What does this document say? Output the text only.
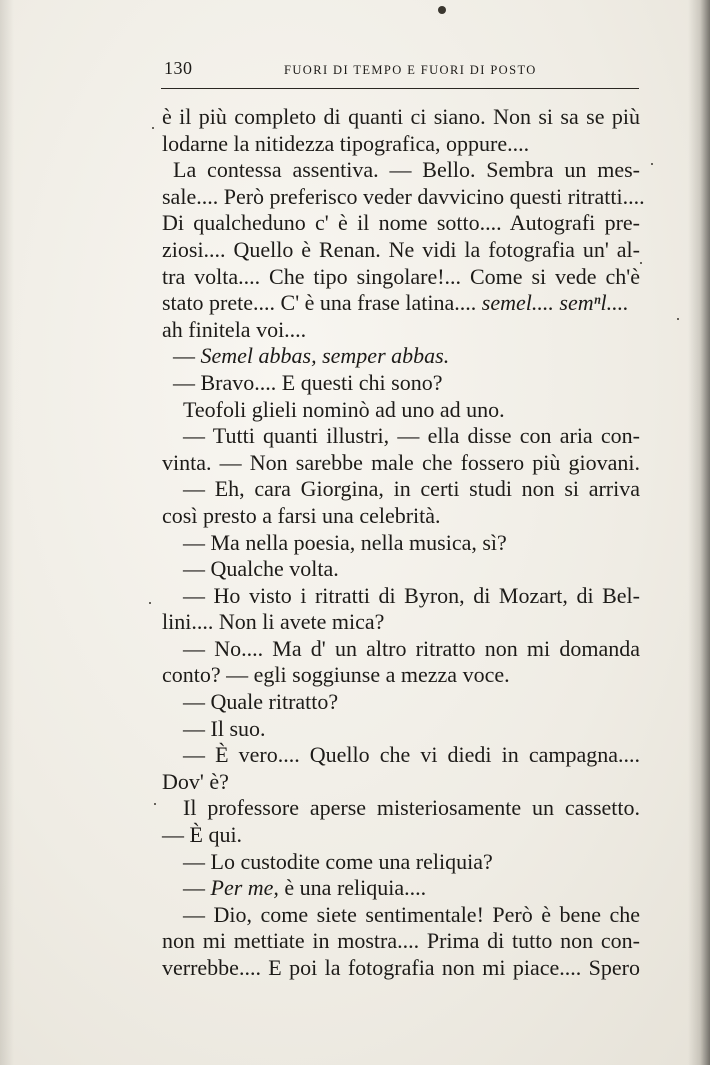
130	FUORI DI TEMPO E FUORI DI POSTO
è il più completo di quanti ci siano. Non si sa se più
lodarne la nitidezza tipografica, oppure....
La contessa assentiva. — Bello. Sembra un mes-
sale.... Però preferisco veder davvicino questi ritratti....
Di qualcheduno c' è il nome sotto.... Autografi pre-
ziosi.... Quello è Renan. Ne vidi la fotografia un' al-
tra volta.... Che tipo singolare!... Come si vede ch'è
stato prete.... C' è una frase latina.... semel.... semⁿl....
ah finitela voi....
— Semel abbas, semper abbas.
— Bravo.... E questi chi sono?
Teofoli glieli nominò ad uno ad uno.
— Tutti quanti illustri, — ella disse con aria con-
vinta. — Non sarebbe male che fossero più giovani.
— Eh, cara Giorgina, in certi studi non si arriva
così presto a farsi una celebrità.
— Ma nella poesia, nella musica, sì?
— Qualche volta.
— Ho visto i ritratti di Byron, di Mozart, di Bel-
lini.... Non li avete mica?
— No.... Ma d' un altro ritratto non mi domanda
conto? — egli soggiunse a mezza voce.
— Quale ritratto?
— Il suo.
— È vero.... Quello che vi diedi in campagna....
Dov' è?
Il professore aperse misteriosamente un cassetto.
— È qui.
— Lo custodite come una reliquia?
— Per me, è una reliquia....
— Dio, come siete sentimentale! Però è bene che
non mi mettiate in mostra.... Prima di tutto non con-
verrebbe.... E poi la fotografia non mi piace.... Spero
